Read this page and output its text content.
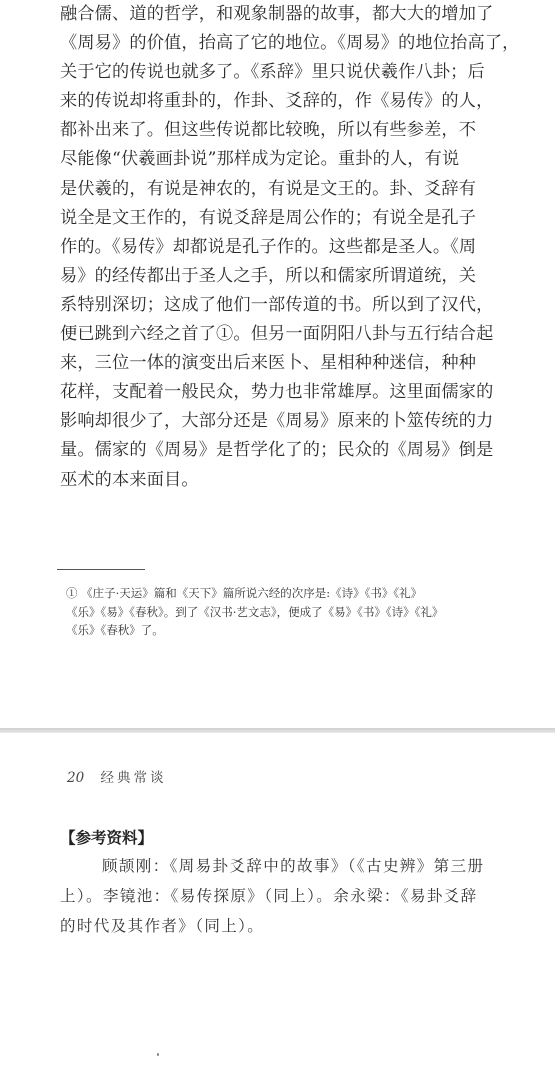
融合儒、道的哲学，和观象制器的故事，都大大的增加了
《周易》的价值，抬高了它的地位。《周易》的地位抬高了，
关于它的传说也就多了。《系辞》里只说伏羲作八卦；后
来的传说却将重卦的，作卦、爻辞的，作《易传》的人，
都补出来了。但这些传说都比较晚，所以有些参差，不
尽能像“伏羲画卦说”那样成为定论。重卦的人，有说
是伏羲的，有说是神农的，有说是文王的。卦、爻辞有
说全是文王作的，有说爻辞是周公作的；有说全是孔子
作的。《易传》却都说是孔子作的。这些都是圣人。《周
易》的经传都出于圣人之手，所以和儒家所谓道统，关
系特别深切；这成了他们一部传道的书。所以到了汉代，
便已跳到六经之首了①。但另一面阴阳八卦与五行结合起
来，三位一体的演变出后来医卜、星相种种迷信，种种
花样，支配着一般民众，势力也非常雄厚。这里面儒家的
影响却很少了，大部分还是《周易》原来的卜筮传统的力
量。儒家的《周易》是哲学化了的；民众的《周易》倒是
巫术的本来面目。
① 《庄子·天运》篇和《天下》篇所说六经的次序是:《诗》《书》《礼》
《乐》《易》《春秋》。到了《汉书·艺文志》，便成了《易》《书》《诗》《礼》
《乐》《春秋》了。
20 经典常谈
【参考资料】
顾颉刚：《周易卦爻辞中的故事》（《古史辨》第三册
上）。李镜池：《易传探原》（同上）。余永梁：《易卦爻辞
的时代及其作者》（同上）。
